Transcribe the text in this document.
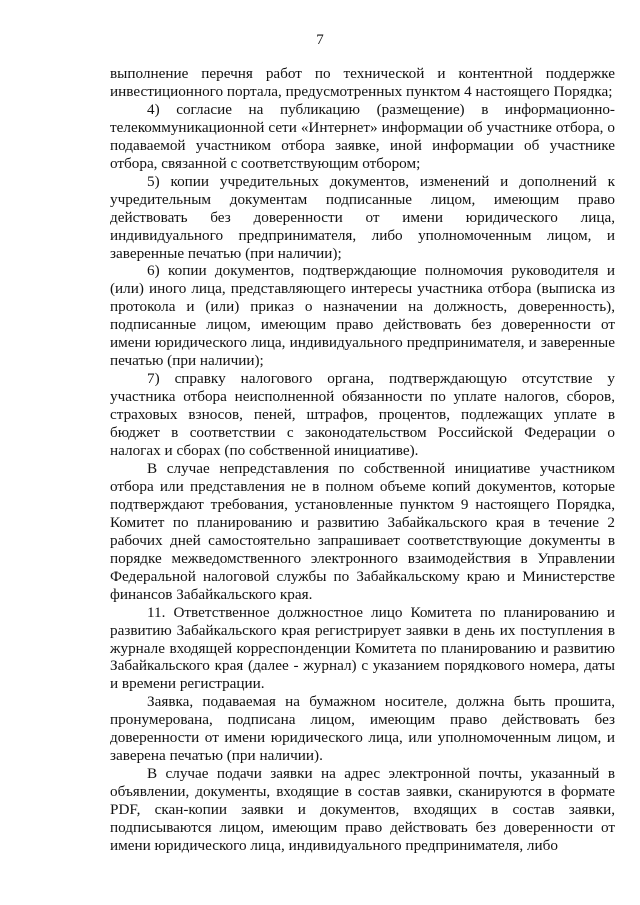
7

выполнение перечня работ по технической и контентной поддержке инвестиционного портала, предусмотренных пунктом 4 настоящего Порядка;

4) согласие на публикацию (размещение) в информационно-телекоммуникационной сети «Интернет» информации об участнике отбора, о подаваемой участником отбора заявке, иной информации об участнике отбора, связанной с соответствующим отбором;

5) копии учредительных документов, изменений и дополнений к учредительным документам подписанные лицом, имеющим право действовать без доверенности от имени юридического лица, индивидуального предпринимателя, либо уполномоченным лицом, и заверенные печатью (при наличии);

6) копии документов, подтверждающие полномочия руководителя и (или) иного лица, представляющего интересы участника отбора (выписка из протокола и (или) приказ о назначении на должность, доверенность), подписанные лицом, имеющим право действовать без доверенности от имени юридического лица, индивидуального предпринимателя, и заверенные печатью (при наличии);

7) справку налогового органа, подтверждающую отсутствие у участника отбора неисполненной обязанности по уплате налогов, сборов, страховых взносов, пеней, штрафов, процентов, подлежащих уплате в бюджет в соответствии с законодательством Российской Федерации о налогах и сборах (по собственной инициативе).

В случае непредставления по собственной инициативе участником отбора или представления не в полном объеме копий документов, которые подтверждают требования, установленные пунктом 9 настоящего Порядка, Комитет по планированию и развитию Забайкальского края в течение 2 рабочих дней самостоятельно запрашивает соответствующие документы в порядке межведомственного электронного взаимодействия в Управлении Федеральной налоговой службы по Забайкальскому краю и Министерстве финансов Забайкальского края.

11. Ответственное должностное лицо Комитета по планированию и развитию Забайкальского края регистрирует заявки в день их поступления в журнале входящей корреспонденции Комитета по планированию и развитию Забайкальского края (далее - журнал) с указанием порядкового номера, даты и времени регистрации.

Заявка, подаваемая на бумажном носителе, должна быть прошита, пронумерована, подписана лицом, имеющим право действовать без доверенности от имени юридического лица, или уполномоченным лицом, и заверена печатью (при наличии).

В случае подачи заявки на адрес электронной почты, указанный в объявлении, документы, входящие в состав заявки, сканируются в формате PDF, скан-копии заявки и документов, входящих в состав заявки, подписываются лицом, имеющим право действовать без доверенности от имени юридического лица, индивидуального предпринимателя, либо
